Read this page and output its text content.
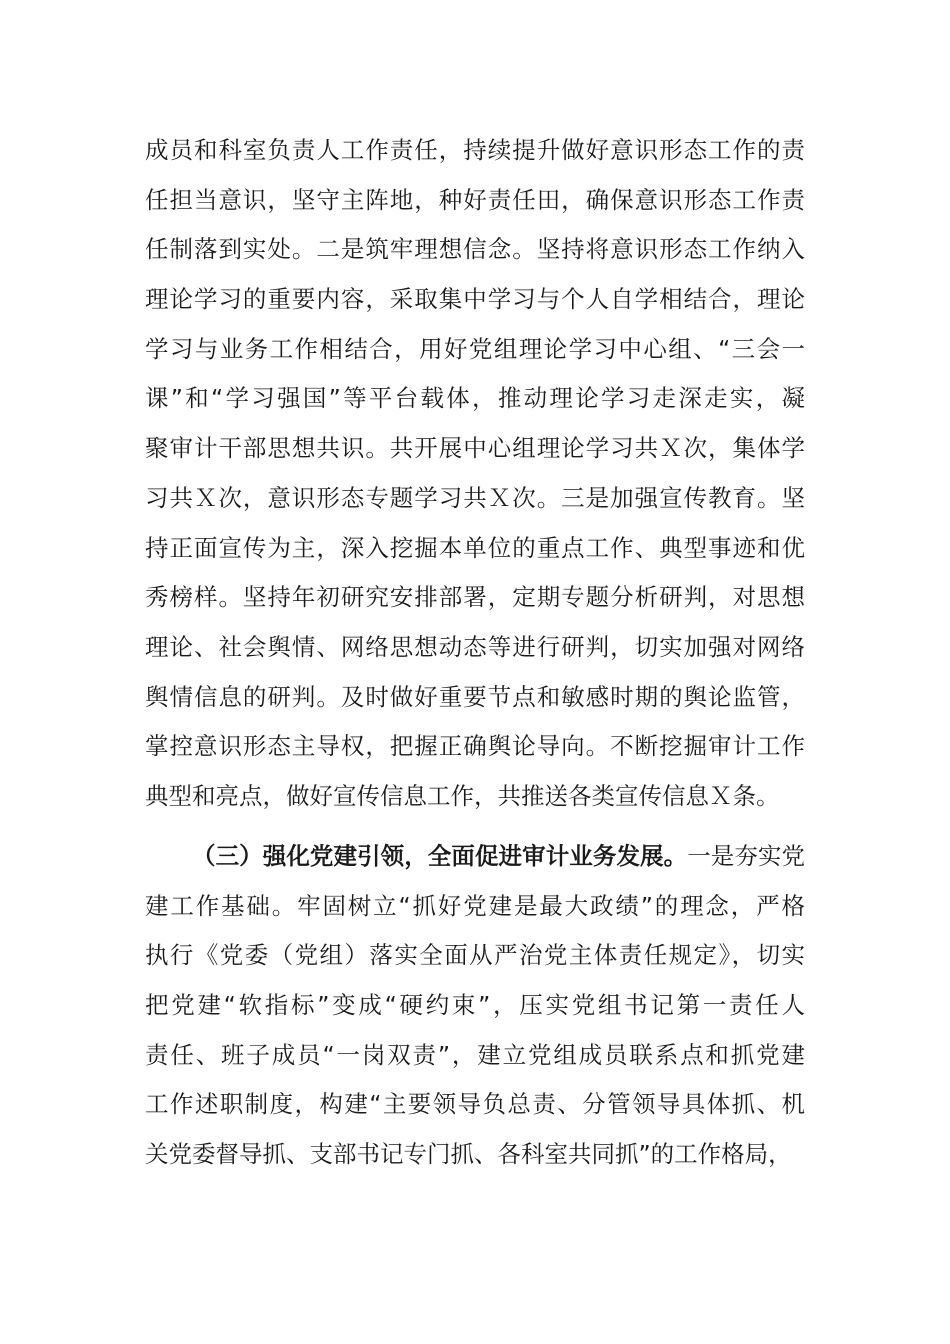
成员和科室负责人工作责任，持续提升做好意识形态工作的责
任担当意识，坚守主阵地，种好责任田，确保意识形态工作责
任制落到实处。二是筑牢理想信念。坚持将意识形态工作纳入
理论学习的重要内容，采取集中学习与个人自学相结合，理论
学习与业务工作相结合，用好党组理论学习中心组、“三会一
课”和“学习强国”等平台载体，推动理论学习走深走实，凝
聚审计干部思想共识。共开展中心组理论学习共Ｘ次，集体学
习共Ｘ次，意识形态专题学习共Ｘ次。三是加强宣传教育。坚
持正面宣传为主，深入挖掘本单位的重点工作、典型事迹和优
秀榜样。坚持年初研究安排部署，定期专题分析研判，对思想
理论、社会舆情、网络思想动态等进行研判，切实加强对网络
舆情信息的研判。及时做好重要节点和敏感时期的舆论监管，
掌控意识形态主导权，把握正确舆论导向。不断挖掘审计工作
典型和亮点，做好宣传信息工作，共推送各类宣传信息Ｘ条。
（三）强化党建引领，全面促进审计业务发展。一是夯实党
建工作基础。牢固树立“抓好党建是最大政绩”的理念，严格
执行《党委（党组）落实全面从严治党主体责任规定》，切实
把党建“软指标”变成“硬约束”，压实党组书记第一责任人
责任、班子成员“一岗双责”，建立党组成员联系点和抓党建
工作述职制度，构建“主要领导负总责、分管领导具体抓、机
关党委督导抓、支部书记专门抓、各科室共同抓”的工作格局，
